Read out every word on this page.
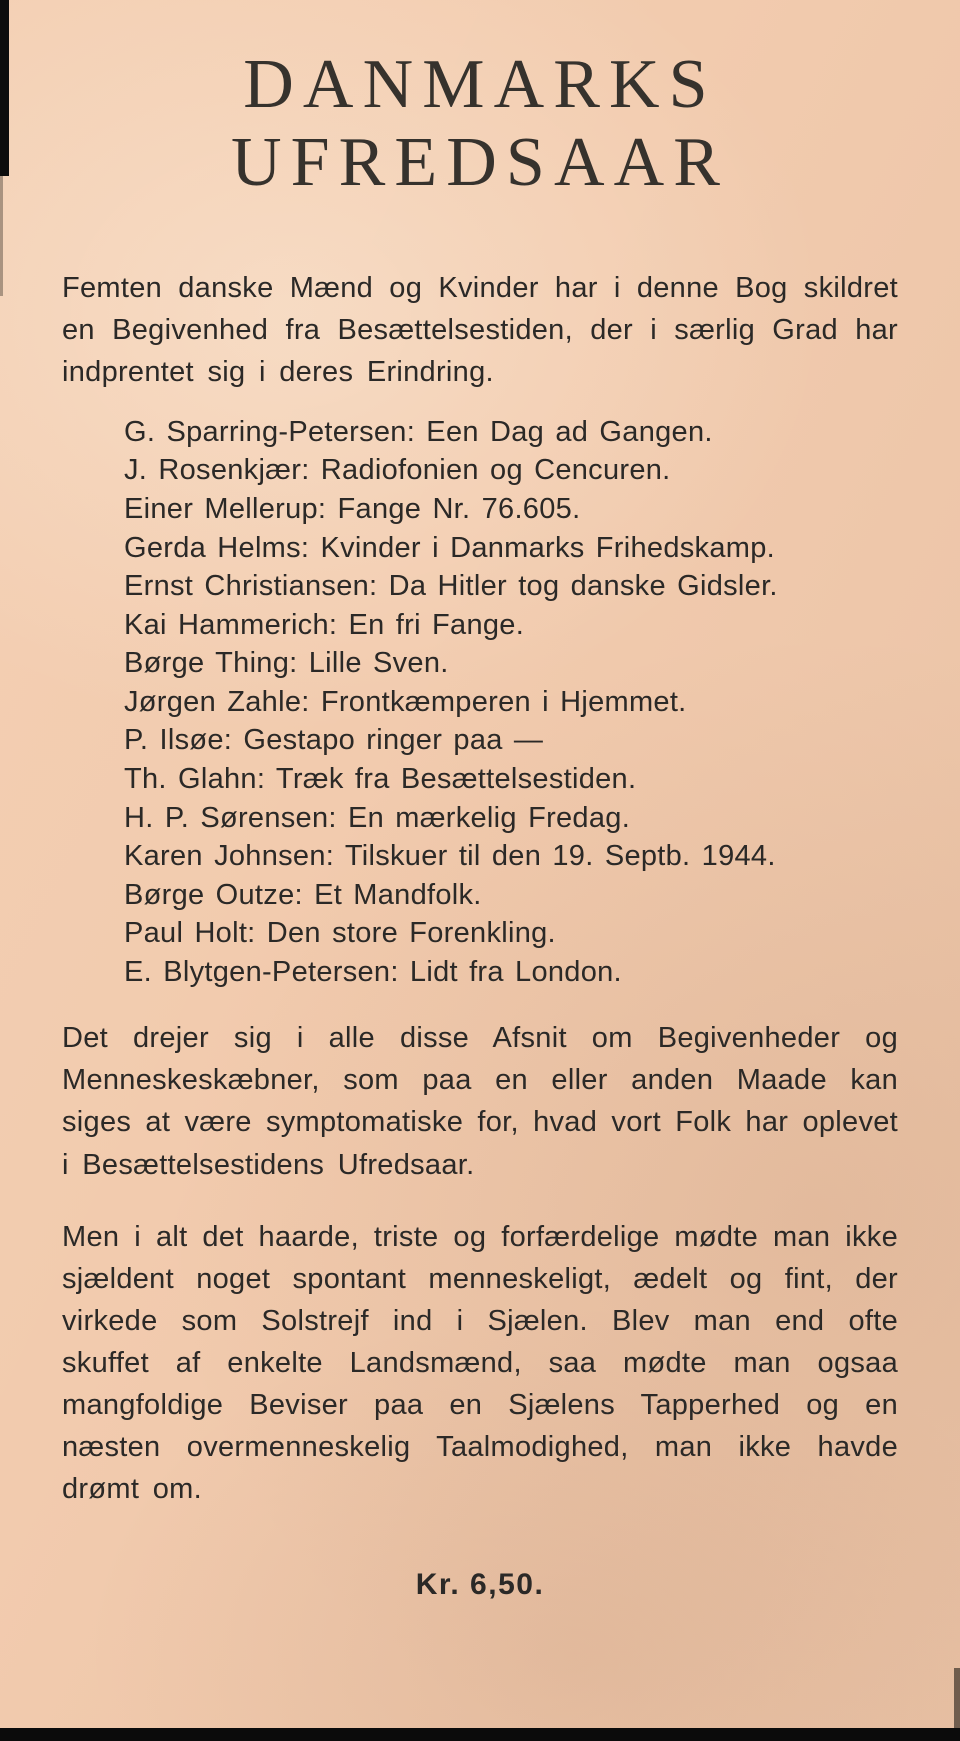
DANMARKS
UFREDSAAR

Femten danske Mænd og Kvinder har i denne Bog skildret en Begivenhed fra Besættelsestiden, der i særlig Grad har indprentet sig i deres Erindring.

G. Sparring-Petersen: Een Dag ad Gangen.
J. Rosenkjær: Radiofonien og Cencuren.
Einer Mellerup: Fange Nr. 76.605.
Gerda Helms: Kvinder i Danmarks Frihedskamp.
Ernst Christiansen: Da Hitler tog danske Gidsler.
Kai Hammerich: En fri Fange.
Børge Thing: Lille Sven.
Jørgen Zahle: Frontkæmperen i Hjemmet.
P. Ilsøe: Gestapo ringer paa —
Th. Glahn: Træk fra Besættelsestiden.
H. P. Sørensen: En mærkelig Fredag.
Karen Johnsen: Tilskuer til den 19. Septb. 1944.
Børge Outze: Et Mandfolk.
Paul Holt: Den store Forenkling.
E. Blytgen-Petersen: Lidt fra London.

Det drejer sig i alle disse Afsnit om Begivenheder og Menneskeskæbner, som paa en eller anden Maade kan siges at være symptomatiske for, hvad vort Folk har oplevet i Besættelsestidens Ufredsaar.

Men i alt det haarde, triste og forfærdelige mødte man ikke sjældent noget spontant menneskeligt, ædelt og fint, der virkede som Solstrejf ind i Sjælen. Blev man end ofte skuffet af enkelte Landsmænd, saa mødte man ogsaa mangfoldige Beviser paa en Sjælens Tapperhed og en næsten overmenneskelig Taalmodighed, man ikke havde drømt om.

Kr. 6,50.
